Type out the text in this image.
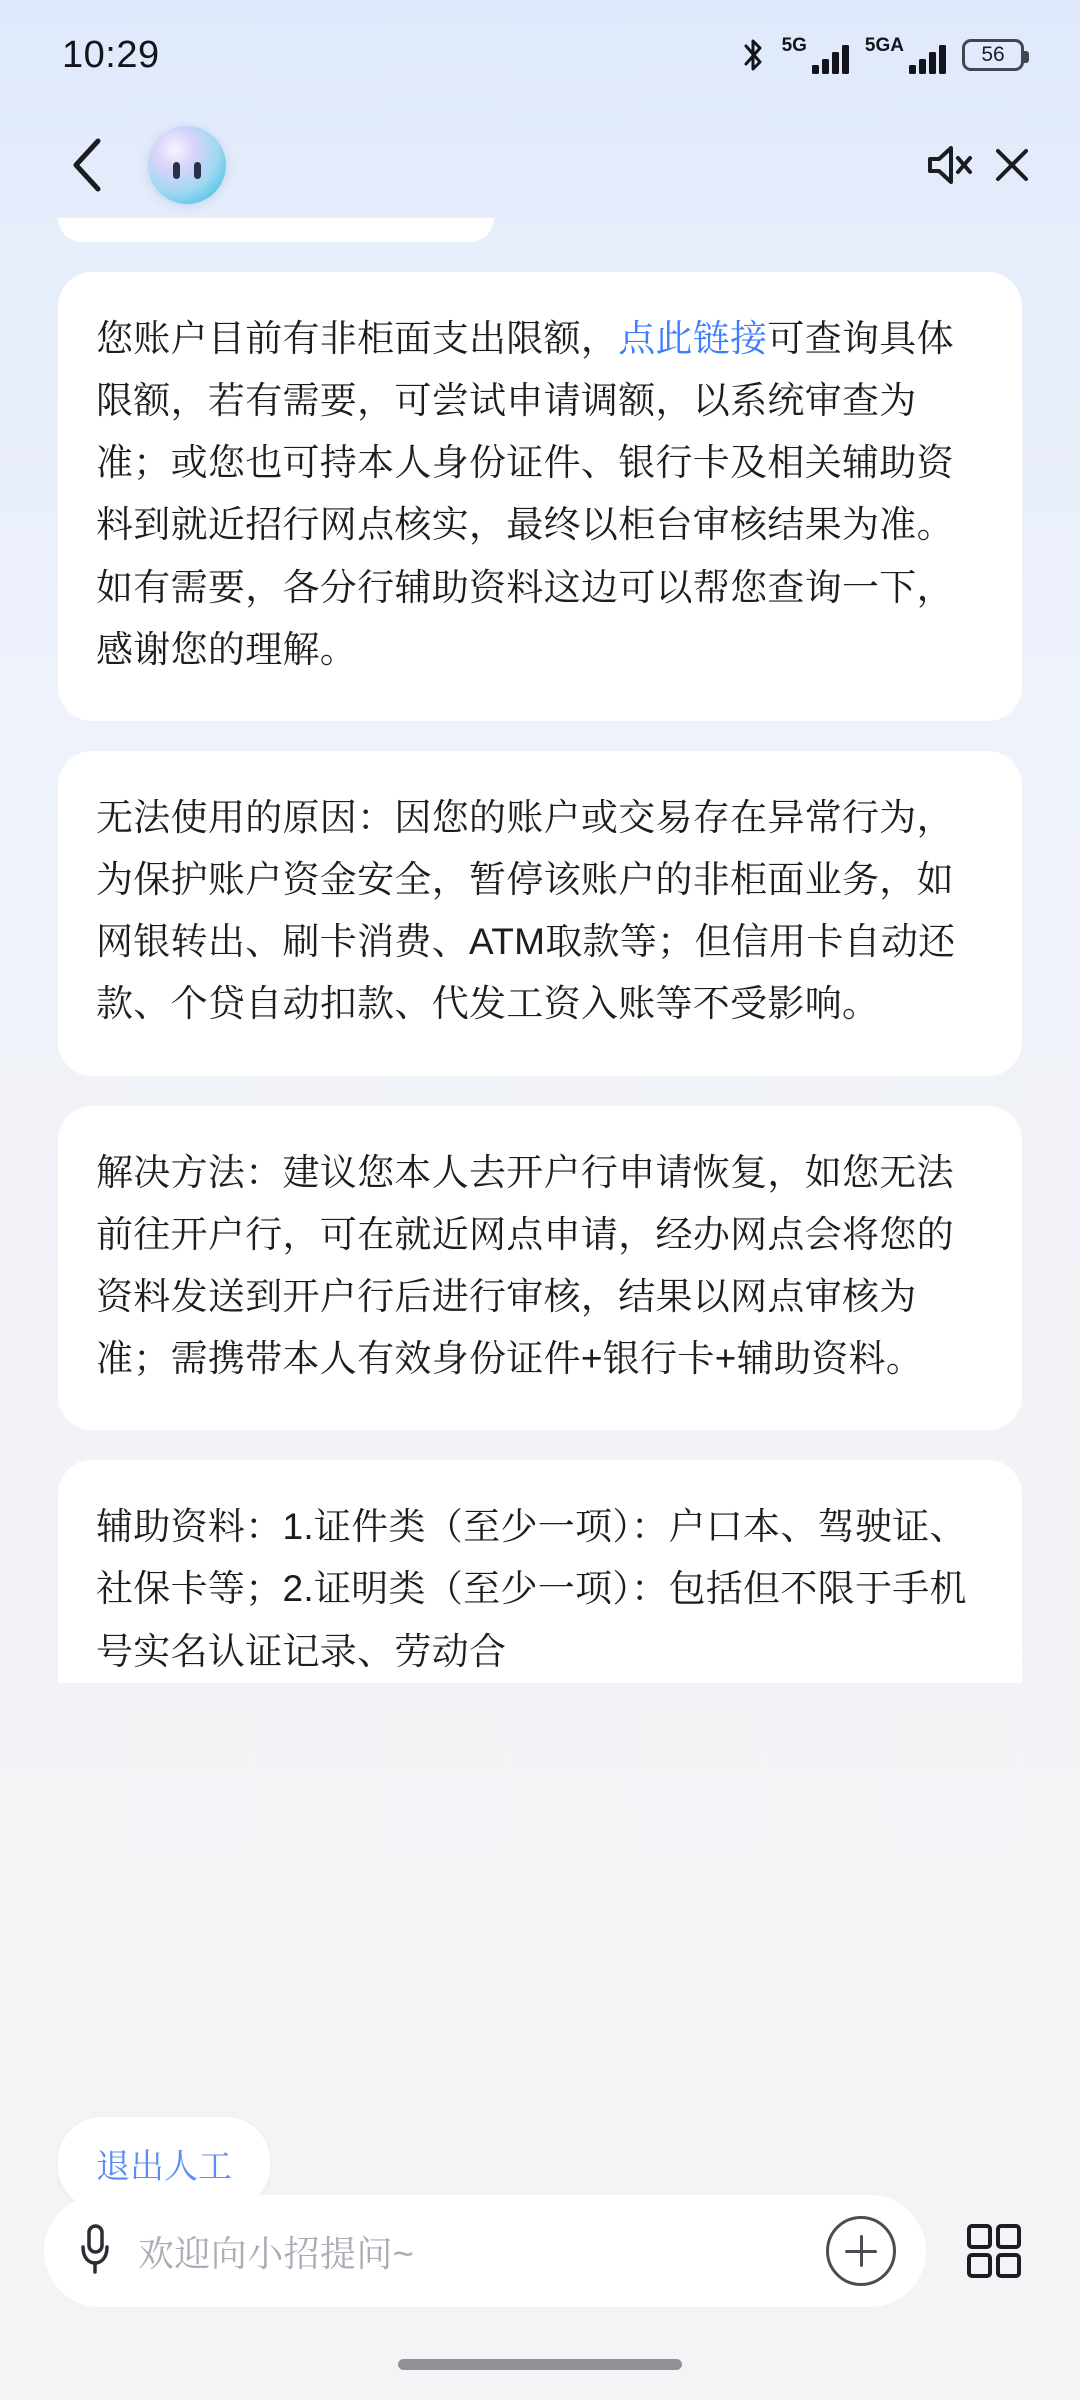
10:29	5G	5GA	56
您账户目前有非柜面支出限额，点此链接可查询具体限额，若有需要，可尝试申请调额，以系统审查为准；或您也可持本人身份证件、银行卡及相关辅助资料到就近招行网点核实，最终以柜台审核结果为准。如有需要，各分行辅助资料这边可以帮您查询一下，感谢您的理解。
无法使用的原因：因您的账户或交易存在异常行为，为保护账户资金安全，暂停该账户的非柜面业务，如网银转出、刷卡消费、ATM取款等；但信用卡自动还款、个贷自动扣款、代发工资入账等不受影响。
解决方法：建议您本人去开户行申请恢复，如您无法前往开户行，可在就近网点申请，经办网点会将您的资料发送到开户行后进行审核，结果以网点审核为准；需携带本人有效身份证件+银行卡+辅助资料。
辅助资料：1.证件类（至少一项）：户口本、驾驶证、社保卡等；2.证明类（至少一项）：包括但不限于手机号实名认证记录、劳动合
退出人工
欢迎向小招提问~
